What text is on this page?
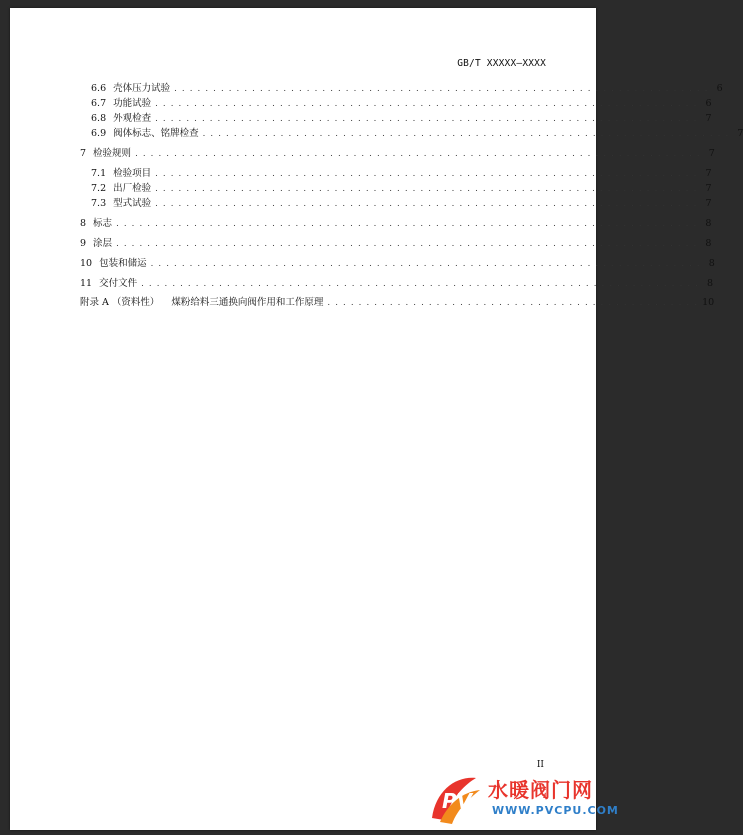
GB/T XXXXX—XXXX
6.6 壳体压力试验 . . . . . . . . . . . . . . . . . . . . . . . . . . . . . . . . . . . . . . . . . . . . . . . . . . . . . . . . . . . . . . . . . . . . . 6
6.7 功能试验 . . . . . . . . . . . . . . . . . . . . . . . . . . . . . . . . . . . . . . . . . . . . . . . . . . . . . . . . . . . . . . . . . . . . . . 6
6.8 外观检查 . . . . . . . . . . . . . . . . . . . . . . . . . . . . . . . . . . . . . . . . . . . . . . . . . . . . . . . . . . . . . . . . . . . . . . 7
6.9 阀体标志、铭牌检查 . . . . . . . . . . . . . . . . . . . . . . . . . . . . . . . . . . . . . . . . . . . . . . . . . . . . . . . . . . . . . . . . . . . . 7
7 检验规则 . . . . . . . . . . . . . . . . . . . . . . . . . . . . . . . . . . . . . . . . . . . . . . . . . . . . . . . . . . . . . . . . . . . . . . . . . 7
7.1 检验项目 . . . . . . . . . . . . . . . . . . . . . . . . . . . . . . . . . . . . . . . . . . . . . . . . . . . . . . . . . . . . . . . . . . . . . . 7
7.2 出厂检验 . . . . . . . . . . . . . . . . . . . . . . . . . . . . . . . . . . . . . . . . . . . . . . . . . . . . . . . . . . . . . . . . . . . . . . 7
7.3 型式试验 . . . . . . . . . . . . . . . . . . . . . . . . . . . . . . . . . . . . . . . . . . . . . . . . . . . . . . . . . . . . . . . . . . . . . . 7
8 标志 . . . . . . . . . . . . . . . . . . . . . . . . . . . . . . . . . . . . . . . . . . . . . . . . . . . . . . . . . . . . . . . . . . . . . . . . . . . 8
9 涂层 . . . . . . . . . . . . . . . . . . . . . . . . . . . . . . . . . . . . . . . . . . . . . . . . . . . . . . . . . . . . . . . . . . . . . . . . . . . 8
10 包装和储运 . . . . . . . . . . . . . . . . . . . . . . . . . . . . . . . . . . . . . . . . . . . . . . . . . . . . . . . . . . . . . . . . . . . . . . . 8
11 交付文件 . . . . . . . . . . . . . . . . . . . . . . . . . . . . . . . . . . . . . . . . . . . . . . . . . . . . . . . . . . . . . . . . . . . . . . . . 8
附录 A （资料性） 煤粉给料三通换向阀作用和工作原理 . . . . . . . . . . . . . . . . . . . . . . . . . . . . . . . . . . . . . . . . . . . . . . . . 10
II
PV 水暖阀门网
WWW.PVCPU.COM
